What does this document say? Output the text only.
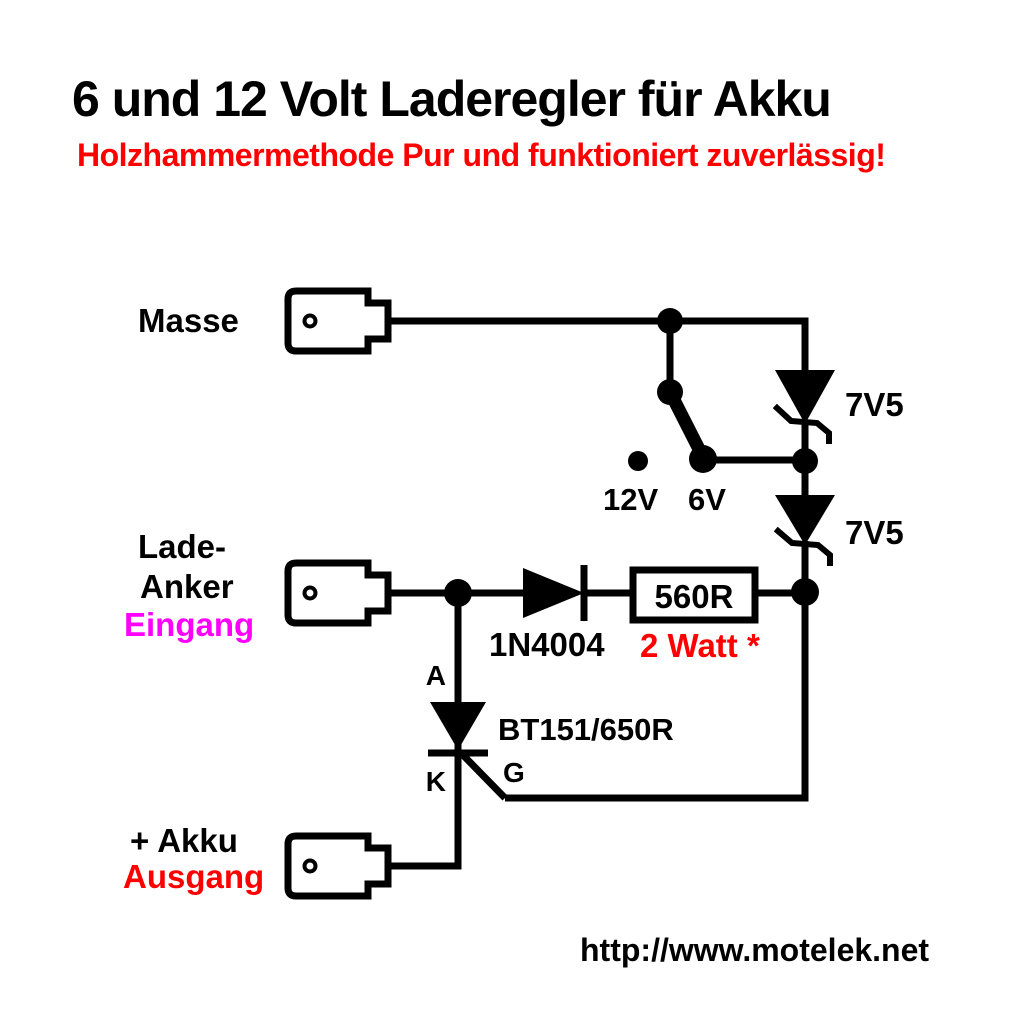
6 und 12 Volt Laderegler für Akku
Holzhammermethode Pur und funktioniert zuverlässig!
Masse
Lade-
Anker
Eingang
+ Akku
Ausgang
12V 6V
7V5
7V5
1N4004
560R
2 Watt *
BT151/650R
A
K G
http://www.motelek.net
